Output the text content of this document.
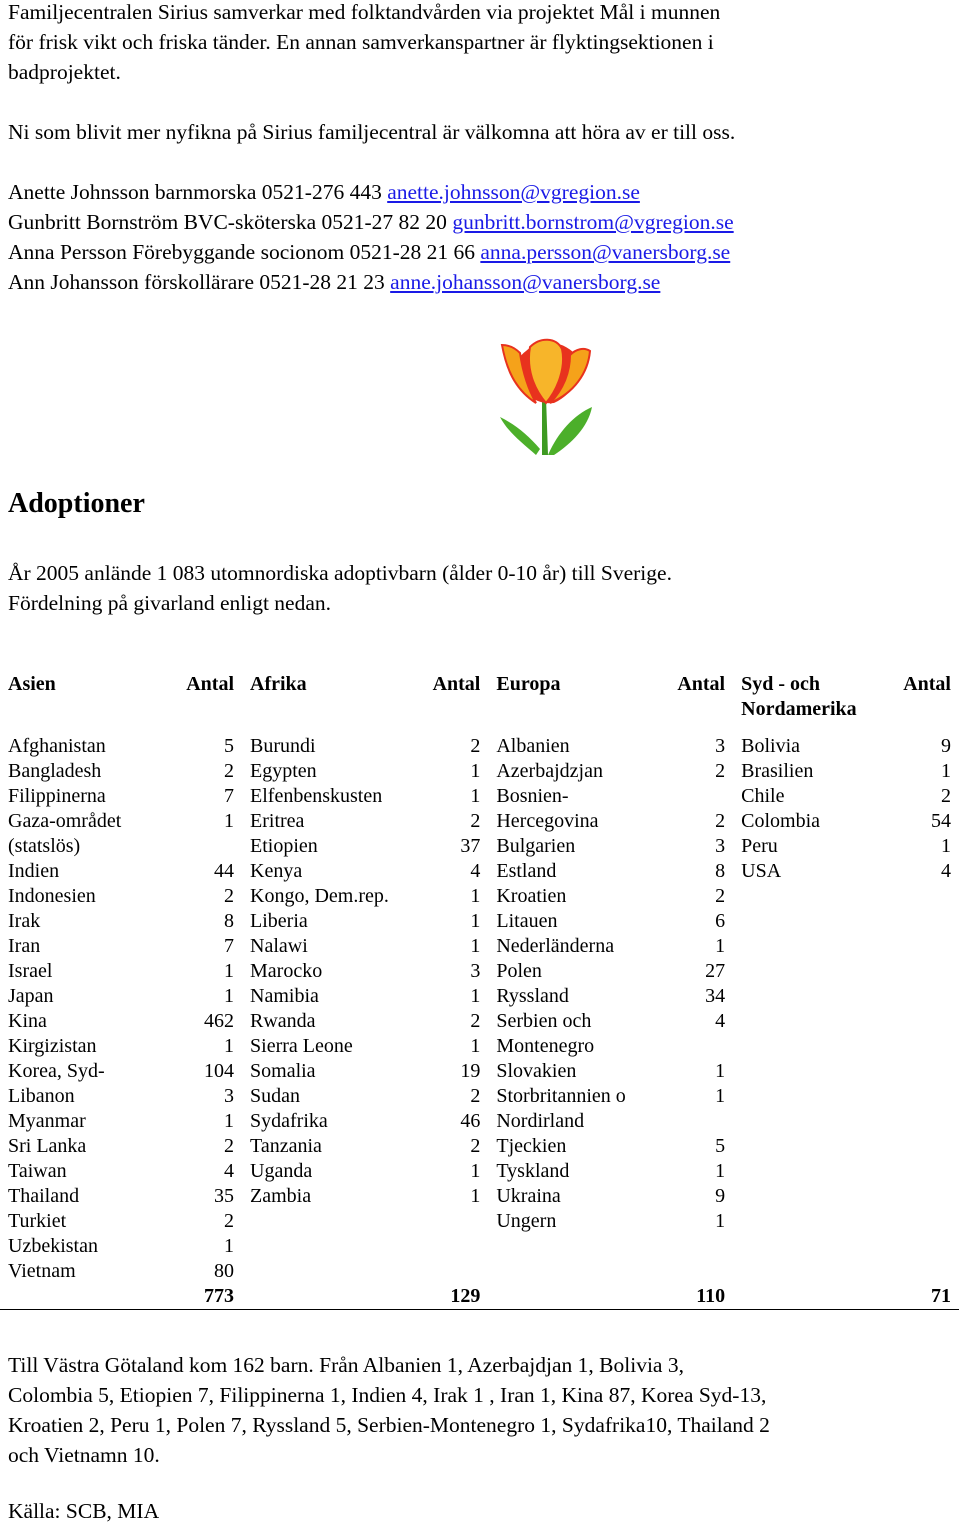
Familjecentralen Sirius samverkar med folktandvården via projektet Mål i munnen

för frisk vikt och friska tänder. En annan samverkanspartner är flyktingsektionen i

badprojektet.

Ni som blivit mer nyfikna på Sirius familjecentral är välkomna att höra av er till oss.

Anette Johnsson barnmorska 0521-276 443 anette.johnsson@vgregion.se

Gunbritt Bornström BVC-sköterska 0521-27 82 20 gunbritt.bornstrom@vgregion.se

Anna Persson Förebyggande socionom 0521-28 21 66 anna.persson@vanersborg.se

Ann Johansson förskollärare 0521-28 21 23 anne.johansson@vanersborg.se

Adoptioner

År 2005 anlände 1 083 utomnordiska adoptivbarn (ålder 0-10 år) till Sverige.

Fördelning på givarland enligt nedan.

Asien	Antal	Afrika	Antal	Europa	Antal	Syd - och Nordamerika	Antal
Afghanistan	5	Burundi	2	Albanien	3	Bolivia	9
Bangladesh	2	Egypten	1	Azerbajdzjan	2	Brasilien	1
Filippinerna	7	Elfenbenskusten	1	Bosnien-		Chile	2
Gaza-området	1	Eritrea	2	Hercegovina	2	Colombia	54
(statslös)		Etiopien	37	Bulgarien	3	Peru	1
Indien	44	Kenya	4	Estland	8	USA	4
Indonesien	2	Kongo, Dem.rep.	1	Kroatien	2		
Irak	8	Liberia	1	Litauen	6		
Iran	7	Nalawi	1	Nederländerna	1		
Israel	1	Marocko	3	Polen	27		
Japan	1	Namibia	1	Ryssland	34		
Kina	462	Rwanda	2	Serbien och	4		
Kirgizistan	1	Sierra Leone	1	Montenegro			
Korea, Syd-	104	Somalia	19	Slovakien	1		
Libanon	3	Sudan	2	Storbritannien o	1		
Myanmar	1	Sydafrika	46	Nordirland			
Sri Lanka	2	Tanzania	2	Tjeckien	5		
Taiwan	4	Uganda	1	Tyskland	1		
Thailand	35	Zambia	1	Ukraina	9		
Turkiet	2			Ungern	1		
Uzbekistan	1						
Vietnam	80						
	773		129		110		71

Till Västra Götaland kom 162 barn. Från Albanien 1, Azerbajdjan 1, Bolivia 3,

Colombia 5, Etiopien 7, Filippinerna 1, Indien 4, Irak 1 , Iran 1, Kina 87, Korea Syd-13,

Kroatien 2, Peru 1, Polen 7, Ryssland 5, Serbien-Montenegro 1, Sydafrika10, Thailand 2

och Vietnamn 10.

Källa: SCB, MIA
